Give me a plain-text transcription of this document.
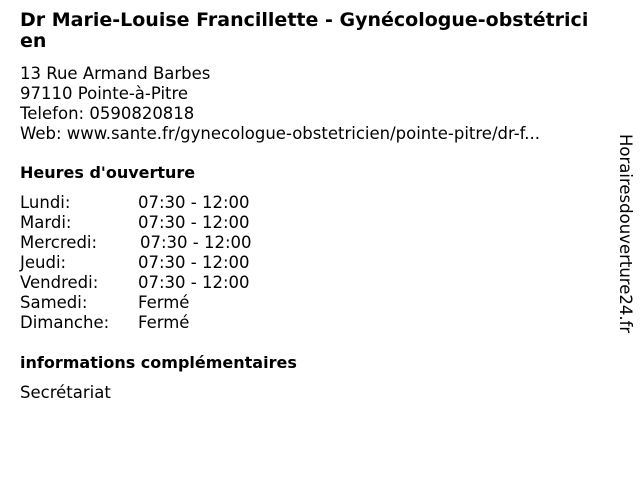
Dr Marie-Louise Francillette - Gynécologue-obstétricien
13 Rue Armand Barbes
97110 Pointe-à-Pitre
Telefon: 0590820818
Web: www.sante.fr/gynecologue-obstetricien/pointe-pitre/dr-f...
Heures d'ouverture
Lundi:	07:30 - 12:00
Mardi:	07:30 - 12:00
Mercredi:	07:30 - 12:00
Jeudi:	07:30 - 12:00
Vendredi:	07:30 - 12:00
Samedi:	Fermé
Dimanche:	Fermé
informations complémentaires
Secrétariat
Horairesdouverture24.fr
